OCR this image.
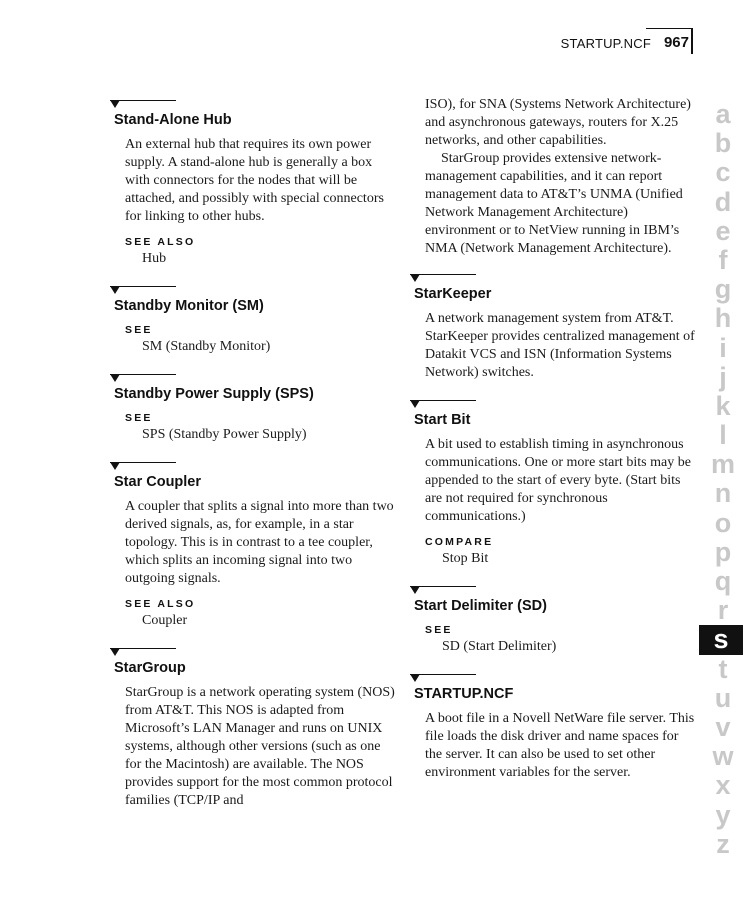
STARTUP.NCF 967
Stand-Alone Hub

An external hub that requires its own power supply. A stand-alone hub is generally a box with connectors for the nodes that will be attached, and possibly with special connectors for linking to other hubs.

SEE ALSO
Hub
Standby Monitor (SM)
SEE
SM (Standby Monitor)
Standby Power Supply (SPS)
SEE
SPS (Standby Power Supply)
Star Coupler

A coupler that splits a signal into more than two derived signals, as, for example, in a star topology. This is in contrast to a tee coupler, which splits an incoming signal into two outgoing signals.

SEE ALSO
Coupler
StarGroup

StarGroup is a network operating system (NOS) from AT&T. This NOS is adapted from Microsoft’s LAN Manager and runs on UNIX systems, although other versions (such as one for the Macintosh) are available. The NOS provides support for the most common protocol families (TCP/IP and

ISO), for SNA (Systems Network Architecture) and asynchronous gateways, routers for X.25 networks, and other capabilities.

StarGroup provides extensive network-management capabilities, and it can report management data to AT&T’s UNMA (Unified Network Management Architecture) environment or to NetView running in IBM’s NMA (Network Management Architecture).

StarKeeper

A network management system from AT&T. StarKeeper provides centralized management of Datakit VCS and ISN (Information Systems Network) switches.

Start Bit

A bit used to establish timing in asynchronous communications. One or more start bits may be appended to the start of every byte. (Start bits are not required for synchronous communications.)

COMPARE
Stop Bit
Start Delimiter (SD)
SEE
SD (Start Delimiter)
STARTUP.NCF

A boot file in a Novell NetWare file server. This file loads the disk driver and name spaces for the server. It can also be used to set other environment variables for the server.

a
b
c
d
e
f
g
h
i
j
k
l
m
n
o
p
q
r
s
t
u
v
w
x
y
z
